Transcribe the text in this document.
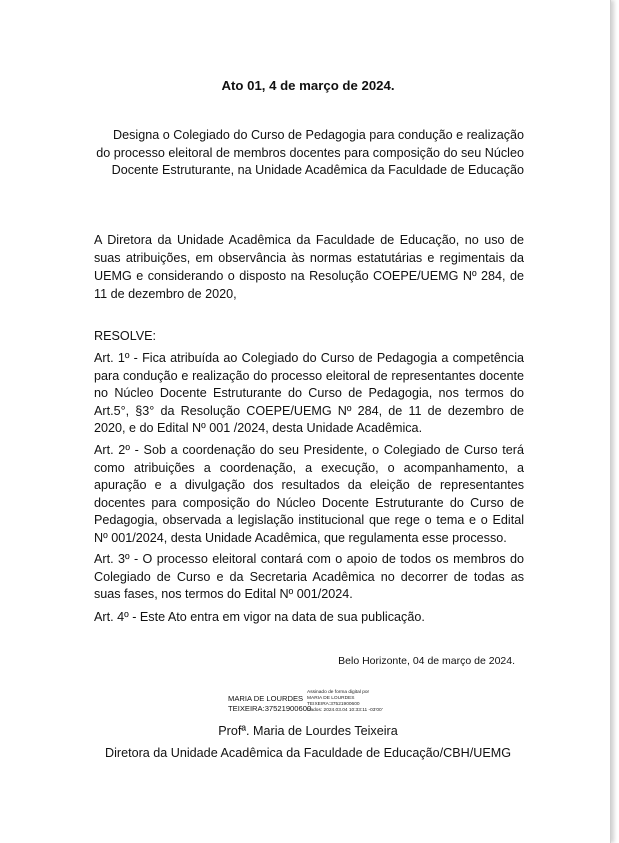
Ato 01, 4 de março de 2024.
Designa o Colegiado do Curso de Pedagogia para condução e realização do processo eleitoral de membros docentes para composição do seu Núcleo Docente Estruturante, na Unidade Acadêmica da Faculdade de Educação
A Diretora da Unidade Acadêmica da Faculdade de Educação, no uso de suas atribuições, em observância às normas estatutárias e regimentais da UEMG e considerando o disposto na Resolução COEPE/UEMG Nº 284, de 11 de dezembro de 2020,
RESOLVE:

Art. 1º - Fica atribuída ao Colegiado do Curso de Pedagogia a competência para condução e realização do processo eleitoral de representantes docente no Núcleo Docente Estruturante do Curso de Pedagogia, nos termos do Art.5°, §3° da Resolução COEPE/UEMG Nº 284, de 11 de dezembro de 2020, e do Edital Nº 001 /2024, desta Unidade Acadêmica.

Art. 2º - Sob a coordenação do seu Presidente, o Colegiado de Curso terá como atribuições a coordenação, a execução, o acompanhamento, a apuração e a divulgação dos resultados da eleição de representantes docentes para composição do Núcleo Docente Estruturante do Curso de Pedagogia, observada a legislação institucional que rege o tema e o Edital Nº 001/2024, desta Unidade Acadêmica, que regulamenta esse processo.

Art. 3º - O processo eleitoral contará com o apoio de todos os membros do Colegiado de Curso e da Secretaria Acadêmica no decorrer de todas as suas fases, nos termos do Edital Nº 001/2024.

Art. 4º - Este Ato entra em vigor na data de sua publicação.

Belo Horizonte, 04 de março de 2024.
MARIA DE LOURDES
TEIXEIRA:37521900600
Assinado de forma digital por
MARIA DE LOURDES
TEIXEIRA:37521900600
Dados: 2024.03.04 10:33:11 -03'00'
Profª. Maria de Lourdes Teixeira
Diretora da Unidade Acadêmica da Faculdade de Educação/CBH/UEMG
